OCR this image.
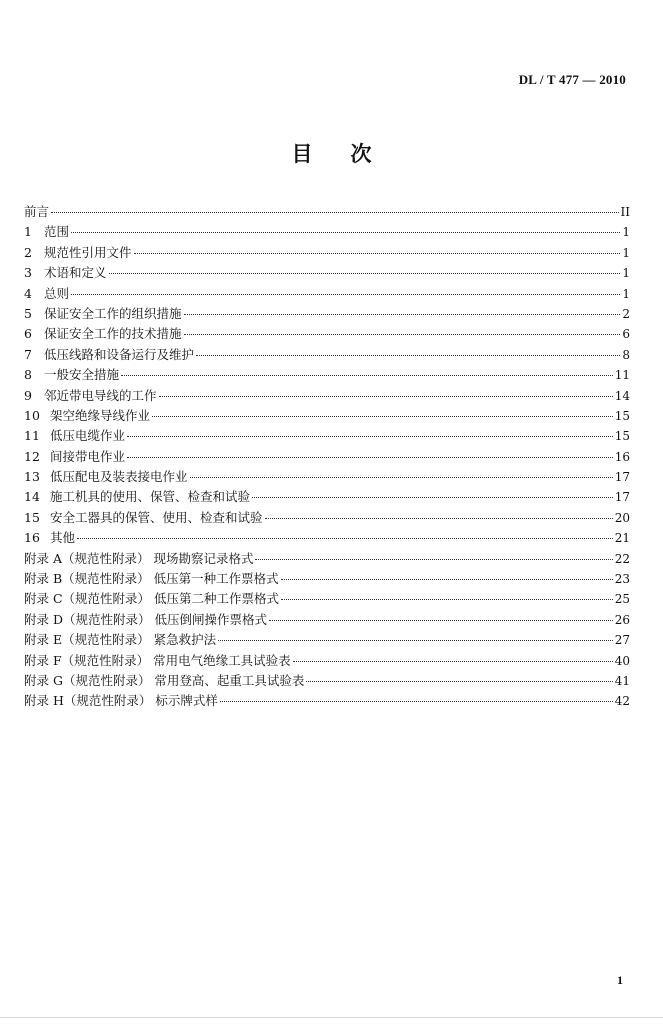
DL / T 477 — 2010
目次
前言	II
1 范围	1
2 规范性引用文件	1
3 术语和定义	1
4 总则	1
5 保证安全工作的组织措施	2
6 保证安全工作的技术措施	6
7 低压线路和设备运行及维护	8
8 一般安全措施	11
9 邻近带电导线的工作	14
10 架空绝缘导线作业	15
11 低压电缆作业	15
12 间接带电作业	16
13 低压配电及装表接电作业	17
14 施工机具的使用、保管、检查和试验	17
15 安全工器具的保管、使用、检查和试验	20
16 其他	21
附录 A（规范性附录） 现场勘察记录格式	22
附录 B（规范性附录） 低压第一种工作票格式	23
附录 C（规范性附录） 低压第二种工作票格式	25
附录 D（规范性附录） 低压倒闸操作票格式	26
附录 E（规范性附录） 紧急救护法	27
附录 F（规范性附录） 常用电气绝缘工具试验表	40
附录 G（规范性附录） 常用登高、起重工具试验表	41
附录 H（规范性附录） 标示牌式样	42
1
